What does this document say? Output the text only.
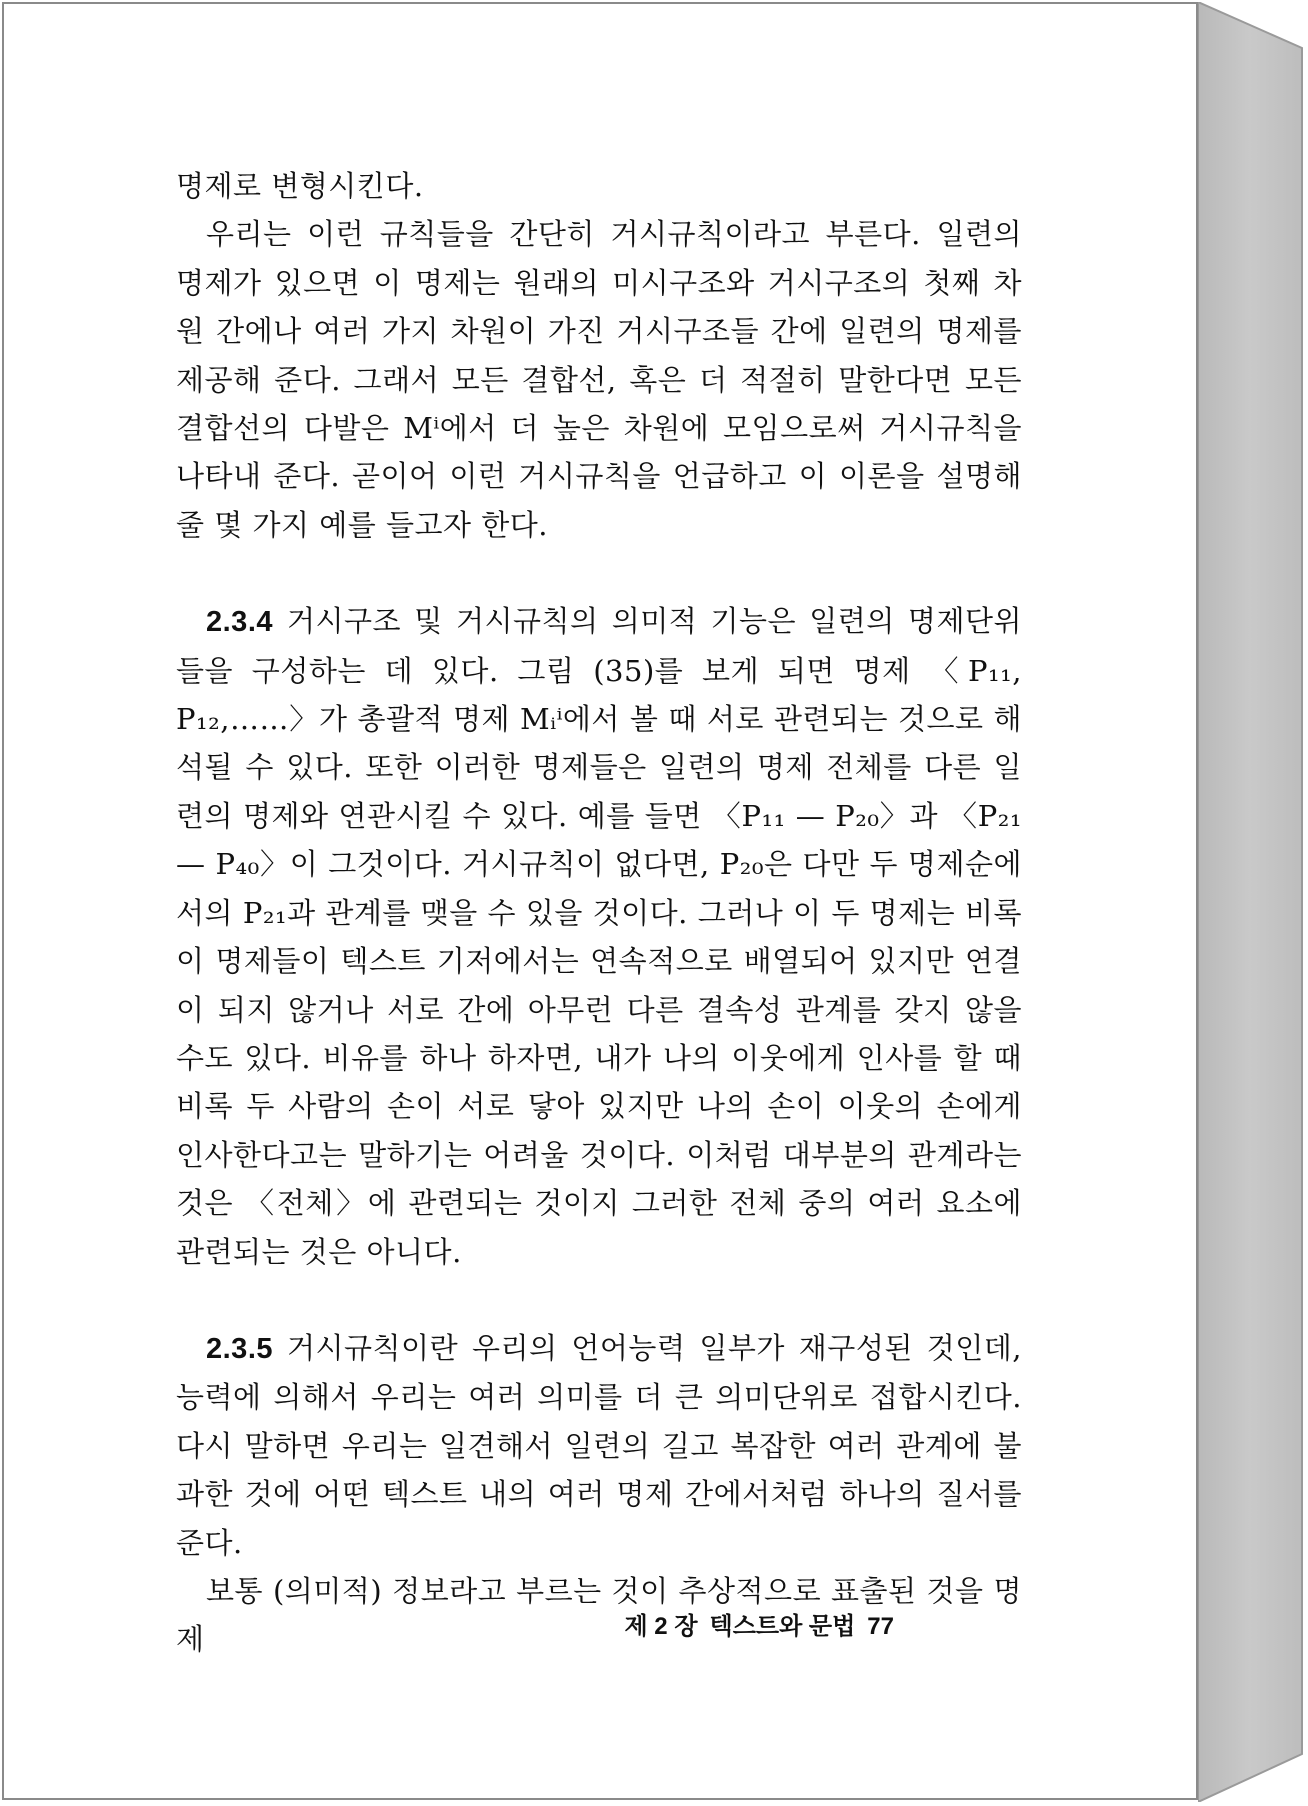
명제로 변형시킨다.

우리는 이런 규칙들을 간단히 거시규칙이라고 부른다. 일련의 명제가 있으면 이 명제는 원래의 미시구조와 거시구조의 첫째 차원 간에나 여러 가지 차원이 가진 거시구조들 간에 일련의 명제를 제공해 준다. 그래서 모든 결합선, 혹은 더 적절히 말한다면 모든 결합선의 다발은 Mⁱ에서 더 높은 차원에 모임으로써 거시규칙을 나타내 준다. 곧이어 이런 거시규칙을 언급하고 이 이론을 설명해 줄 몇 가지 예를 들고자 한다.

2.3.4 거시구조 및 거시규칙의 의미적 기능은 일련의 명제단위들을 구성하는 데 있다. 그림 (35)를 보게 되면 명제 〈P₁₁, P₁₂,……〉가 총괄적 명제 Mᵢⁱ에서 볼 때 서로 관련되는 것으로 해석될 수 있다. 또한 이러한 명제들은 일련의 명제 전체를 다른 일련의 명제와 연관시킬 수 있다. 예를 들면 〈P₁₁ — P₂₀〉과 〈P₂₁ — P₄₀〉이 그것이다. 거시규칙이 없다면, P₂₀은 다만 두 명제순에서의 P₂₁과 관계를 맺을 수 있을 것이다. 그러나 이 두 명제는 비록 이 명제들이 텍스트 기저에서는 연속적으로 배열되어 있지만 연결이 되지 않거나 서로 간에 아무런 다른 결속성 관계를 갖지 않을 수도 있다. 비유를 하나 하자면, 내가 나의 이웃에게 인사를 할 때 비록 두 사람의 손이 서로 닿아 있지만 나의 손이 이웃의 손에게 인사한다고는 말하기는 어려울 것이다. 이처럼 대부분의 관계라는 것은 〈전체〉에 관련되는 것이지 그러한 전체 중의 여러 요소에 관련되는 것은 아니다.

2.3.5 거시규칙이란 우리의 언어능력 일부가 재구성된 것인데, 능력에 의해서 우리는 여러 의미를 더 큰 의미단위로 접합시킨다. 다시 말하면 우리는 일견해서 일련의 길고 복잡한 여러 관계에 불과한 것에 어떤 텍스트 내의 여러 명제 간에서처럼 하나의 질서를 준다.

보통 (의미적) 정보라고 부르는 것이 추상적으로 표출된 것을 명제	제 2 장 텍스트와 문법 77
